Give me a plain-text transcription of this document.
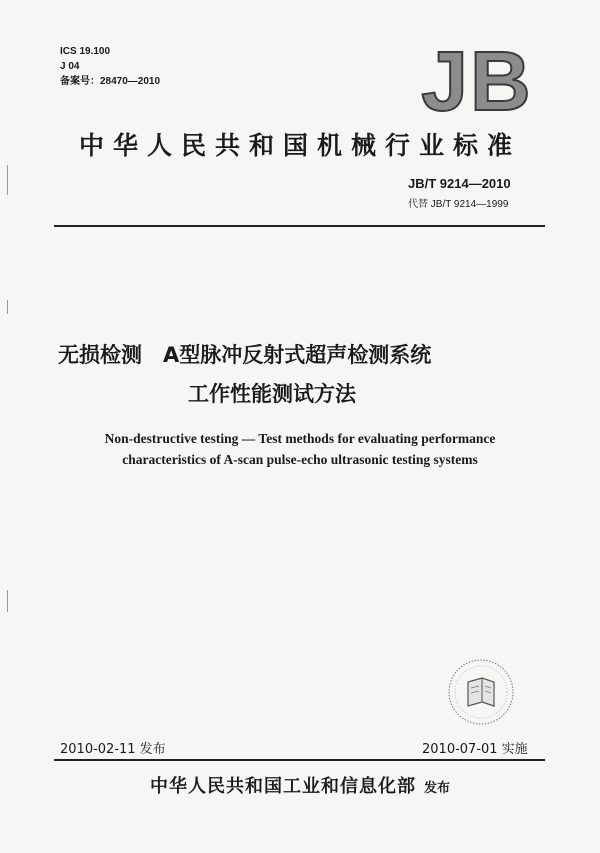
ICS 19.100
J 04
备案号：28470—2010	JB
中华人民共和国机械行业标准
JB/T 9214—2010
代替 JB/T 9214—1999
无损检测　A型脉冲反射式超声检测系统
工作性能测试方法
Non-destructive testing — Test methods for evaluating performance
characteristics of A-scan pulse-echo ultrasonic testing systems
2010-02-11 发布	2010-07-01 实施
中华人民共和国工业和信息化部 发布
